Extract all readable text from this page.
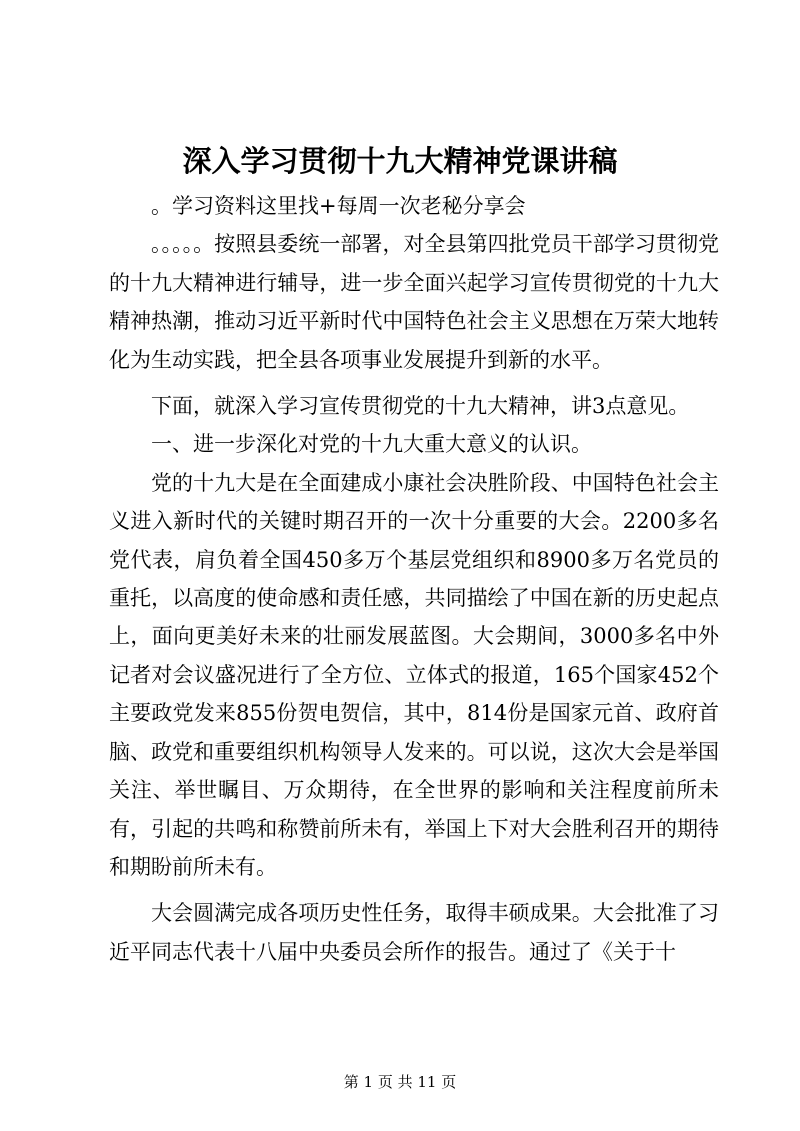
深入学习贯彻十九大精神党课讲稿

。学习资料这里找+每周一次老秘分享会

。。。。。按照县委统一部署，对全县第四批党员干部学习贯彻党的十九大精神进行辅导，进一步全面兴起学习宣传贯彻党的十九大精神热潮，推动习近平新时代中国特色社会主义思想在万荣大地转化为生动实践，把全县各项事业发展提升到新的水平。

下面，就深入学习宣传贯彻党的十九大精神，讲3点意见。

一、进一步深化对党的十九大重大意义的认识。

党的十九大是在全面建成小康社会决胜阶段、中国特色社会主义进入新时代的关键时期召开的一次十分重要的大会。2200多名党代表，肩负着全国450多万个基层党组织和8900多万名党员的重托，以高度的使命感和责任感，共同描绘了中国在新的历史起点上，面向更美好未来的壮丽发展蓝图。大会期间，3000多名中外记者对会议盛况进行了全方位、立体式的报道，165个国家452个主要政党发来855份贺电贺信，其中，814份是国家元首、政府首脑、政党和重要组织机构领导人发来的。可以说，这次大会是举国关注、举世瞩目、万众期待，在全世界的影响和关注程度前所未有，引起的共鸣和称赞前所未有，举国上下对大会胜利召开的期待和期盼前所未有。

大会圆满完成各项历史性任务，取得丰硕成果。大会批准了习近平同志代表十八届中央委员会所作的报告。通过了《关于十

第 1 页 共 11 页
